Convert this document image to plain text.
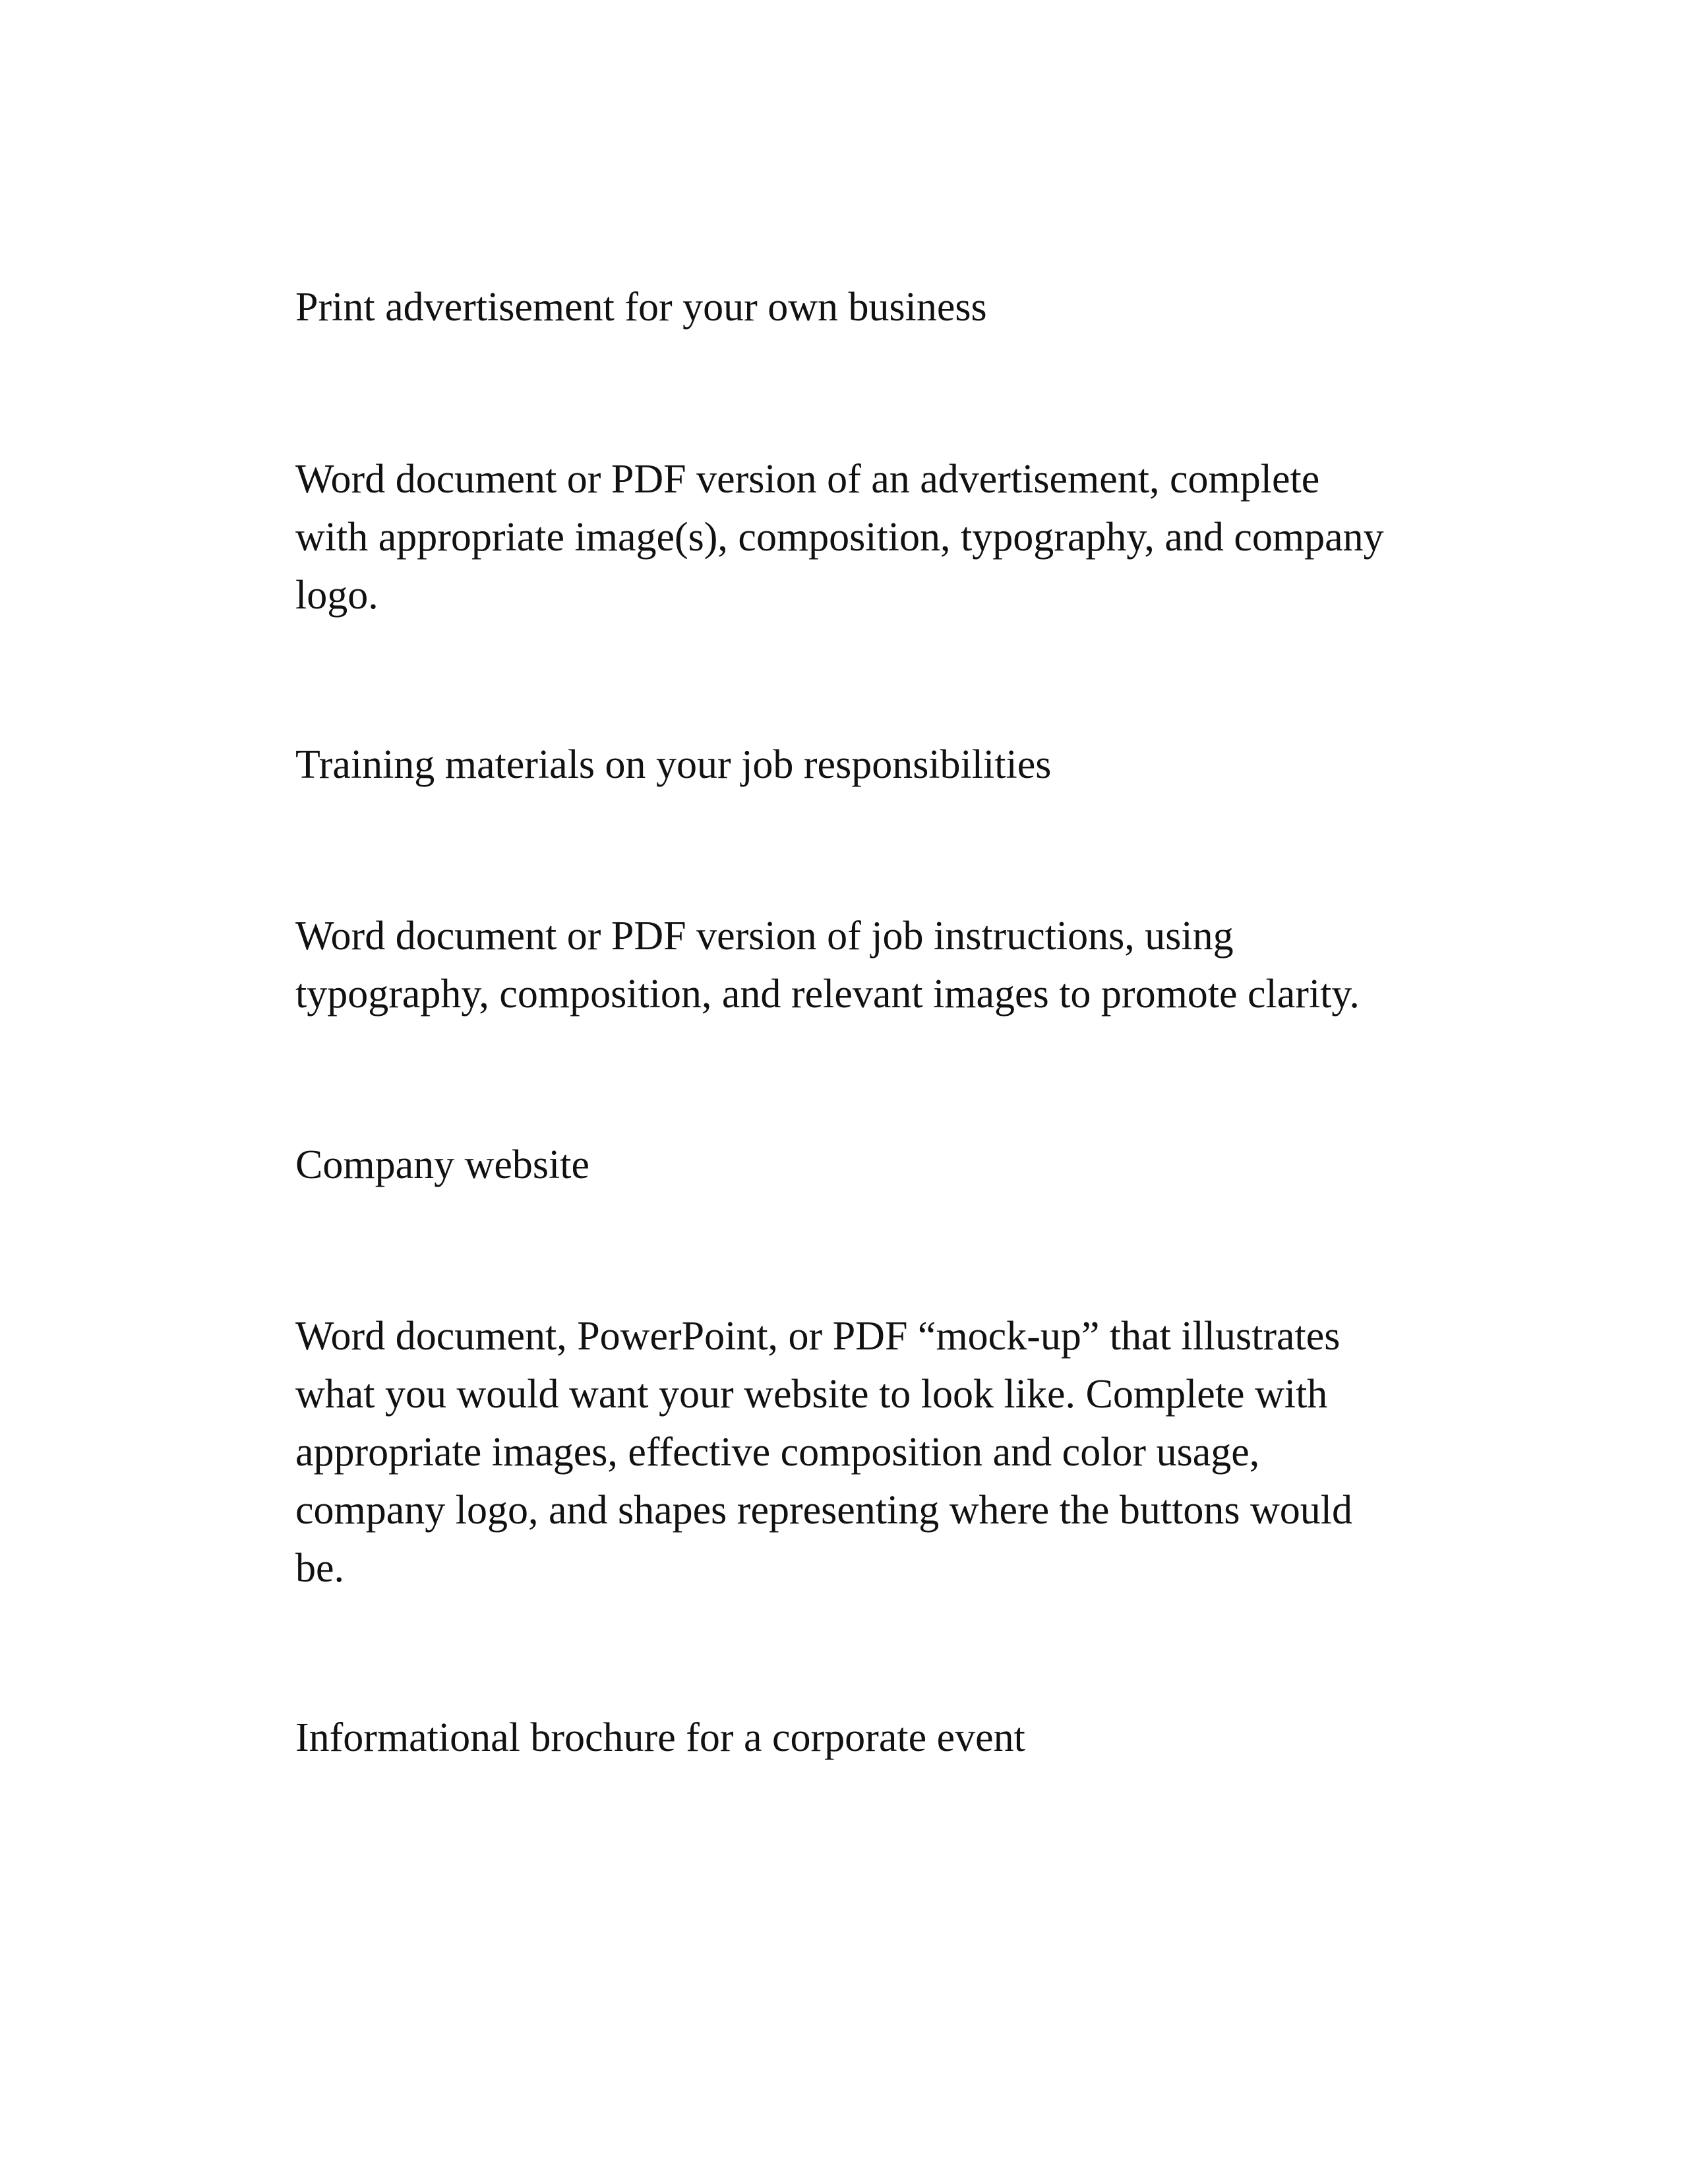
Print advertisement for your own business

Word document or PDF version of an advertisement, complete
with appropriate image(s), composition, typography, and company
logo.

Training materials on your job responsibilities

Word document or PDF version of job instructions, using
typography, composition, and relevant images to promote clarity.

Company website

Word document, PowerPoint, or PDF “mock-up” that illustrates
what you would want your website to look like. Complete with
appropriate images, effective composition and color usage,
company logo, and shapes representing where the buttons would
be.

Informational brochure for a corporate event
